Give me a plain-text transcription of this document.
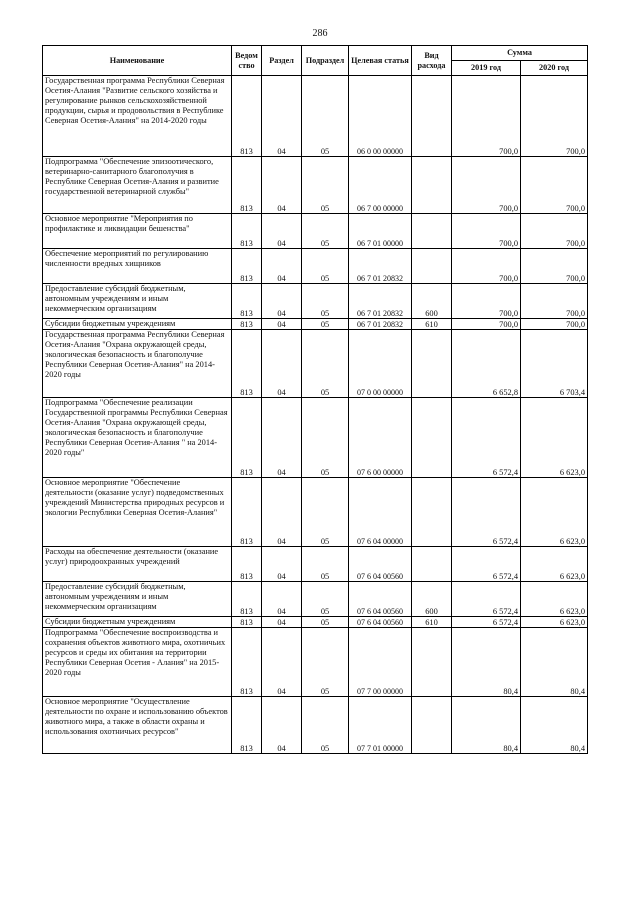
286
Наименование	Ведом ство	Раздел	Подраздел	Целевая статья	Вид расхода	Сумма	
						2019 год	2020 год
Государственная программа Республики Северная Осетия-Алания "Развитие сельского хозяйства и регулирование рынков сельскохозяйственной продукции, сырья и продовольствия в Республике Северная Осетия-Алания" на 2014-2020 годы	813	04	05	06 0 00 00000		700,0	700,0
Подпрограмма "Обеспечение эпизоотического, ветеринарно-санитарного благополучия в Республике Северная Осетия-Алания и развитие государственной ветеринарной службы"	813	04	05	06 7 00 00000		700,0	700,0
Основное мероприятие "Мероприятия по профилактике и ликвидации бешенства"	813	04	05	06 7 01 00000		700,0	700,0
Обеспечение мероприятий по регулированию численности вредных хищников	813	04	05	06 7 01 20832		700,0	700,0
Предоставление субсидий бюджетным, автономным учреждениям и иным некоммерческим организациям	813	04	05	06 7 01 20832	600	700,0	700,0
Субсидии бюджетным учреждениям	813	04	05	06 7 01 20832	610	700,0	700,0
Государственная программа Республики Северная Осетия-Алания "Охрана окружающей среды, экологическая безопасность и благополучие Республики Северная Осетия-Алания" на 2014-2020 годы	813	04	05	07 0 00 00000		6 652,8	6 703,4
Подпрограмма "Обеспечение реализации Государственной программы Республики Северная Осетия-Алания "Охрана окружающей среды, экологическая безопасность и благополучие Республики Северная Осетия-Алания " на 2014-2020 годы"	813	04	05	07 6 00 00000		6 572,4	6 623,0
Основное мероприятие "Обеспечение деятельности (оказание услуг) подведомственных учреждений Министерства природных ресурсов и экологии Республики Северная Осетия-Алания"	813	04	05	07 6 04 00000		6 572,4	6 623,0
Расходы на обеспечение деятельности (оказание услуг) природоохранных учреждений	813	04	05	07 6 04 00560		6 572,4	6 623,0
Предоставление субсидий бюджетным, автономным учреждениям и иным некоммерческим организациям	813	04	05	07 6 04 00560	600	6 572,4	6 623,0
Субсидии бюджетным учреждениям	813	04	05	07 6 04 00560	610	6 572,4	6 623,0
Подпрограмма "Обеспечение воспроизводства и сохранения объектов животного мира, охотничьих ресурсов и среды их обитания на территории Республики Северная Осетия - Алания" на 2015-2020 годы	813	04	05	07 7 00 00000		80,4	80,4
Основное мероприятие "Осуществление деятельности по охране и использованию объектов животного мира, а также в области охраны и использования охотничьих ресурсов"	813	04	05	07 7 01 00000		80,4	80,4
